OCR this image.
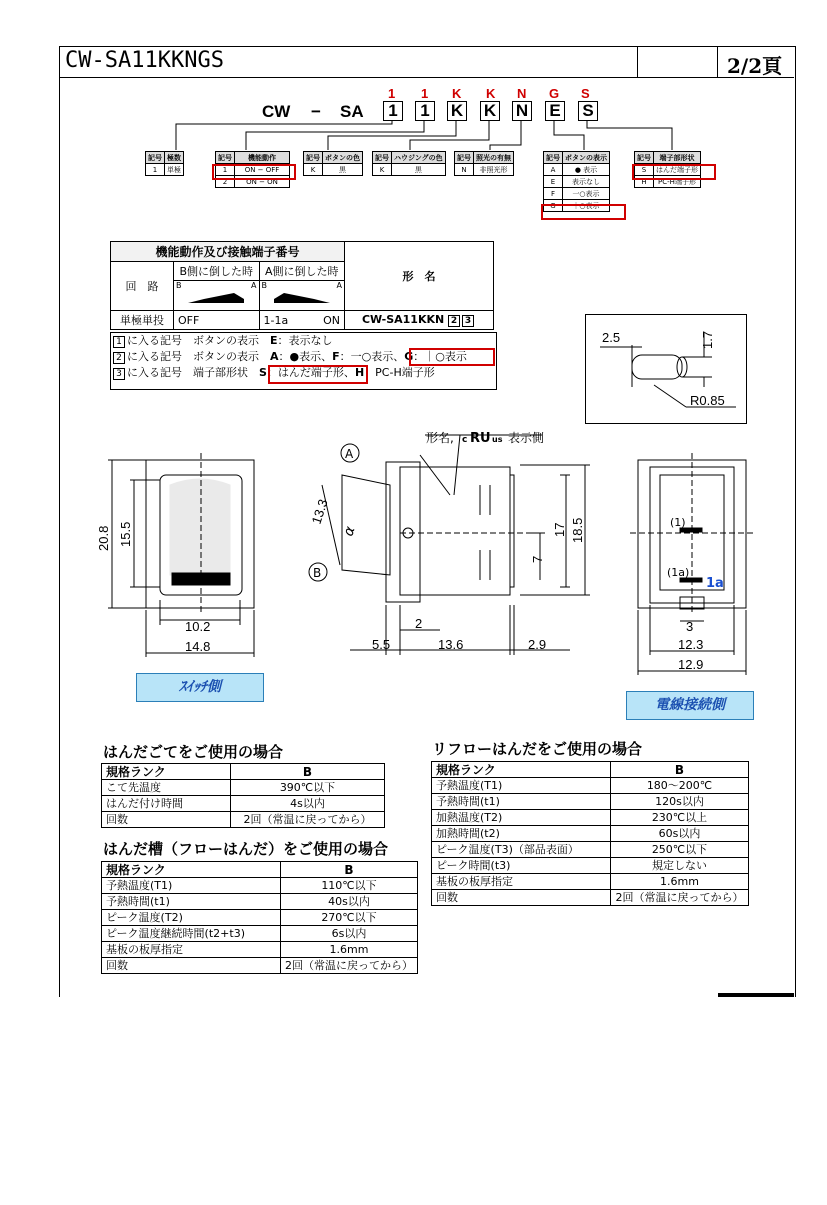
CW-SA11KKNGS	2/2頁
CW − SA
1 1 K K N G S
1	1	K K N E S
記号	極数
1	単極
記号	機能動作
1	ON − OFF
2	ON − ON
記号	ボタンの色
K	黒
記号	ハウジングの色
K	黒
記号	照光の有無
N	非照光形
記号	ボタンの表示
A	● 表示
E	表示なし
F	一○表示
G	｜○表示
記号	端子部形状
S	はんだ端子形
H	PC-H端子形
機能動作及び接触端子番号			形　名
回　路	B側に倒した時	A側に倒した時	

	B A	B A	

単極単投	OFF	1-1a ON	CW-SA11KKN 2 3
1 に入る記号　ボタンの表示　E：表示なし
2 に入る記号　ボタンの表示　A：●表示、F：一○表示、G：｜○表示
3 に入る記号　端子部形状　S：はんだ端子形、H：PC-H端子形
2.5	1.7
R0.85
A
B
形名, c RU us 表示側
20.8 15.5
10.2
14.8
13.3
α
7
17 18.5
2
5.5	13.6	2.9
(1)
(1a)
1a
3
12.3
12.9
ｽｲｯﾁ側
電線接続側
はんだごてをご使用の場合
規格ランク	B
こて先温度	390℃以下
はんだ付け時間	4s以内
回数	2回（常温に戻ってから）
はんだ槽（フローはんだ）をご使用の場合
規格ランク	B
予熱温度(T1)	110℃以下
予熱時間(t1)	40s以内
ピーク温度(T2)	270℃以下
ピーク温度継続時間(t2+t3)	6s以内
基板の板厚指定	1.6mm
回数	2回（常温に戻ってから）
リフローはんだをご使用の場合
規格ランク	B
予熱温度(T1)	180〜200℃
予熱時間(t1)	120s以内
加熱温度(T2)	230℃以上
加熱時間(t2)	60s以内
ピーク温度(T3)（部品表面）	250℃以下
ピーク時間(t3)	規定しない
基板の板厚指定	1.6mm
回数	2回（常温に戻ってから）
